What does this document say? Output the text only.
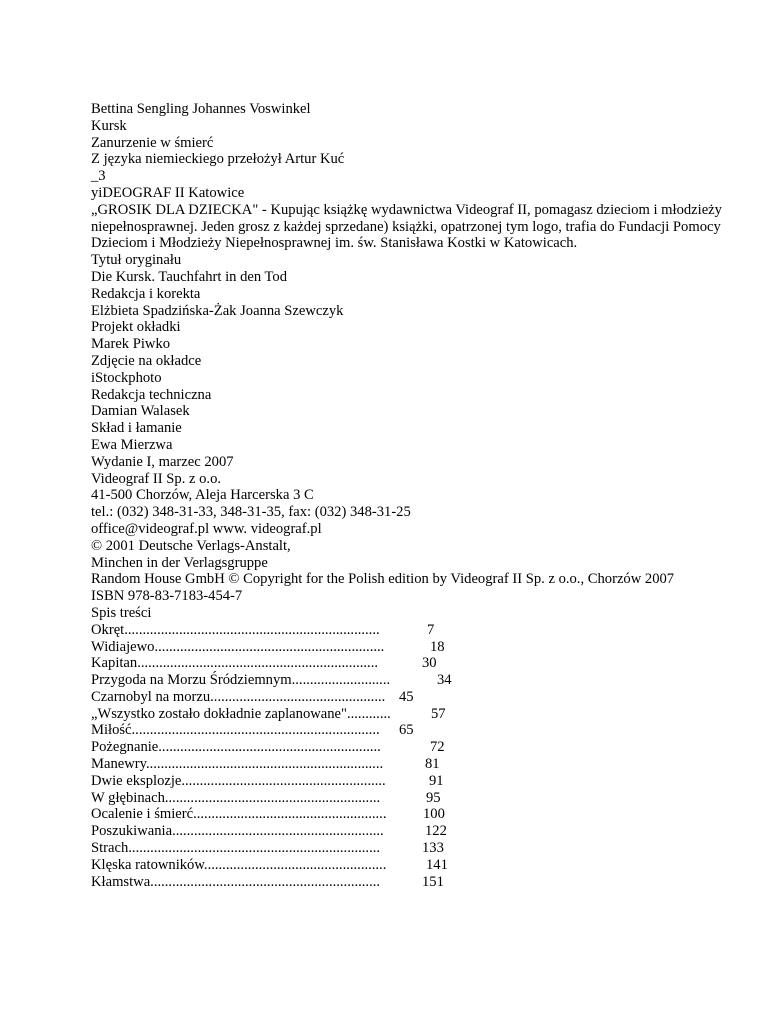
Bettina Sengling Johannes Voswinkel
Kursk
Zanurzenie w śmierć
Z języka niemieckiego przełożył Artur Kuć
_3
yiDEOGRAF II Katowice
„GROSIK DLA DZIECKA" - Kupując książkę wydawnictwa Videograf II, pomagasz dzieciom i młodzieży niepełnosprawnej. Jeden grosz z każdej sprzedane) książki, opatrzonej tym logo, trafia do Fundacji Pomocy Dzieciom i Młodzieży Niepełnosprawnej im. św. Stanisława Kostki w Katowicach.
Tytuł oryginału
Die Kursk. Tauchfahrt in den Tod
Redakcja i korekta
Elżbieta Spadzińska-Żak Joanna Szewczyk
Projekt okładki
Marek Piwko
Zdjęcie na okładce
iStockphoto
Redakcja techniczna
Damian Walasek
Skład i łamanie
Ewa Mierzwa
Wydanie I, marzec 2007
Videograf II Sp. z o.o.
41-500 Chorzów, Aleja Harcerska 3 C
tel.: (032) 348-31-33, 348-31-35, fax: (032) 348-31-25
office@videograf.pl www. videograf.pl
© 2001 Deutsche Verlags-Anstalt,
Minchen in der Verlagsgruppe
Random House GmbH © Copyright for the Polish edition by Videograf II Sp. z o.o., Chorzów 2007
ISBN 978-83-7183-454-7
Spis treści
Okręt......................................................................	7
Widiajewo...............................................................	18
Kapitan..................................................................	30
Przygoda na Morzu Śródziemnym...........................	34
Czarnobyl na morzu................................................ 45
„Wszystko zostało dokładnie zaplanowane"............	57
Miłość.................................................................... 65
Pożegnanie.............................................................	72
Manewry.................................................................	81
Dwie eksplozje........................................................	91
W głębinach...........................................................	95
Ocalenie i śmierć.....................................................	100
Poszukiwania..........................................................	122
Strach.....................................................................	133
Klęska ratowników..................................................	141
Kłamstwa...............................................................	151
